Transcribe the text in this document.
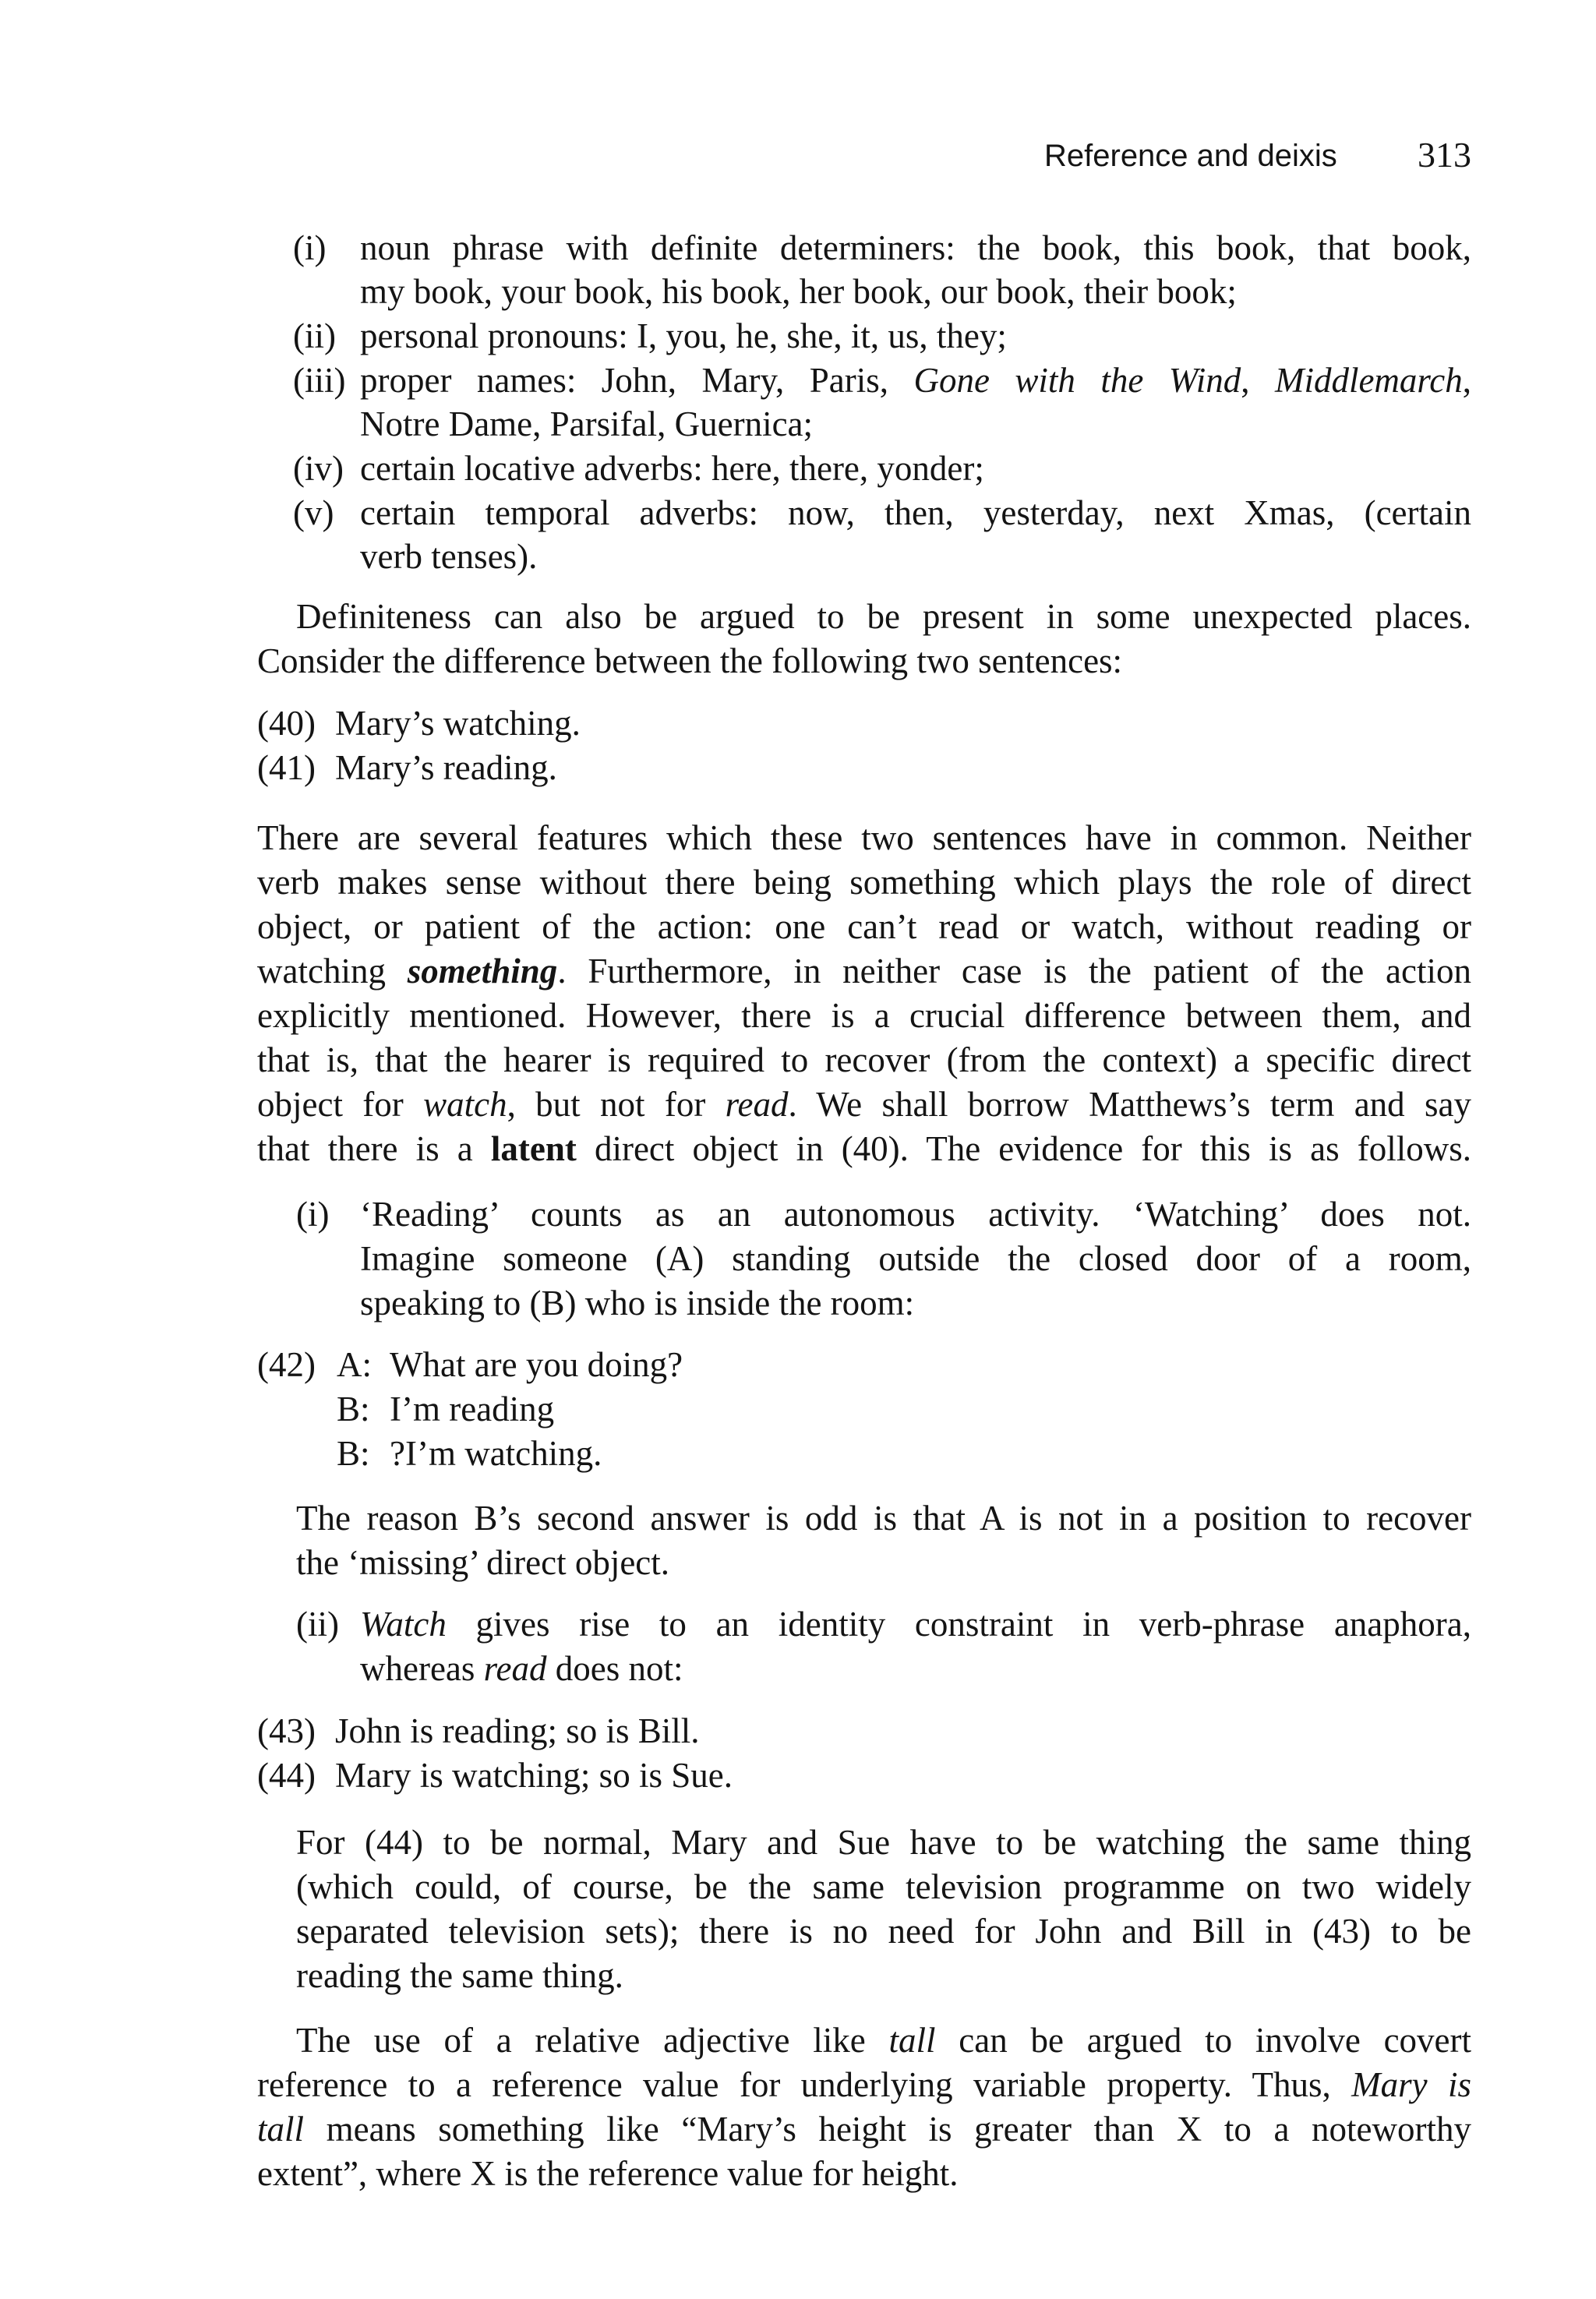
Reference and deixis 313
(i) noun phrase with definite determiners: the book, this book, that book,
my book, your book, his book, her book, our book, their book;
(ii) personal pronouns: I, you, he, she, it, us, they;
(iii) proper names: John, Mary, Paris, Gone with the Wind, Middlemarch,
Notre Dame, Parsifal, Guernica;
(iv) certain locative adverbs: here, there, yonder;
(v) certain temporal adverbs: now, then, yesterday, next Xmas, (certain
verb tenses).
Definiteness can also be argued to be present in some unexpected places.
Consider the difference between the following two sentences:
(40) Mary’s watching.
(41) Mary’s reading.
There are several features which these two sentences have in common. Neither
verb makes sense without there being something which plays the role of direct
object, or patient of the action: one can’t read or watch, without reading or
watching something. Furthermore, in neither case is the patient of the action
explicitly mentioned. However, there is a crucial difference between them, and
that is, that the hearer is required to recover (from the context) a specific direct
object for watch, but not for read. We shall borrow Matthews’s term and say
that there is a latent direct object in (40). The evidence for this is as follows.
(i) ‘Reading’ counts as an autonomous activity. ‘Watching’ does not.
Imagine someone (A) standing outside the closed door of a room,
speaking to (B) who is inside the room:
(42) A: What are you doing?
B: I’m reading
B: ?I’m watching.
The reason B’s second answer is odd is that A is not in a position to recover
the ‘missing’ direct object.
(ii) Watch gives rise to an identity constraint in verb-phrase anaphora,
whereas read does not:
(43) John is reading; so is Bill.
(44) Mary is watching; so is Sue.
For (44) to be normal, Mary and Sue have to be watching the same thing
(which could, of course, be the same television programme on two widely
separated television sets); there is no need for John and Bill in (43) to be
reading the same thing.
The use of a relative adjective like tall can be argued to involve covert
reference to a reference value for underlying variable property. Thus, Mary is
tall means something like “Mary’s height is greater than X to a noteworthy
extent”, where X is the reference value for height.
